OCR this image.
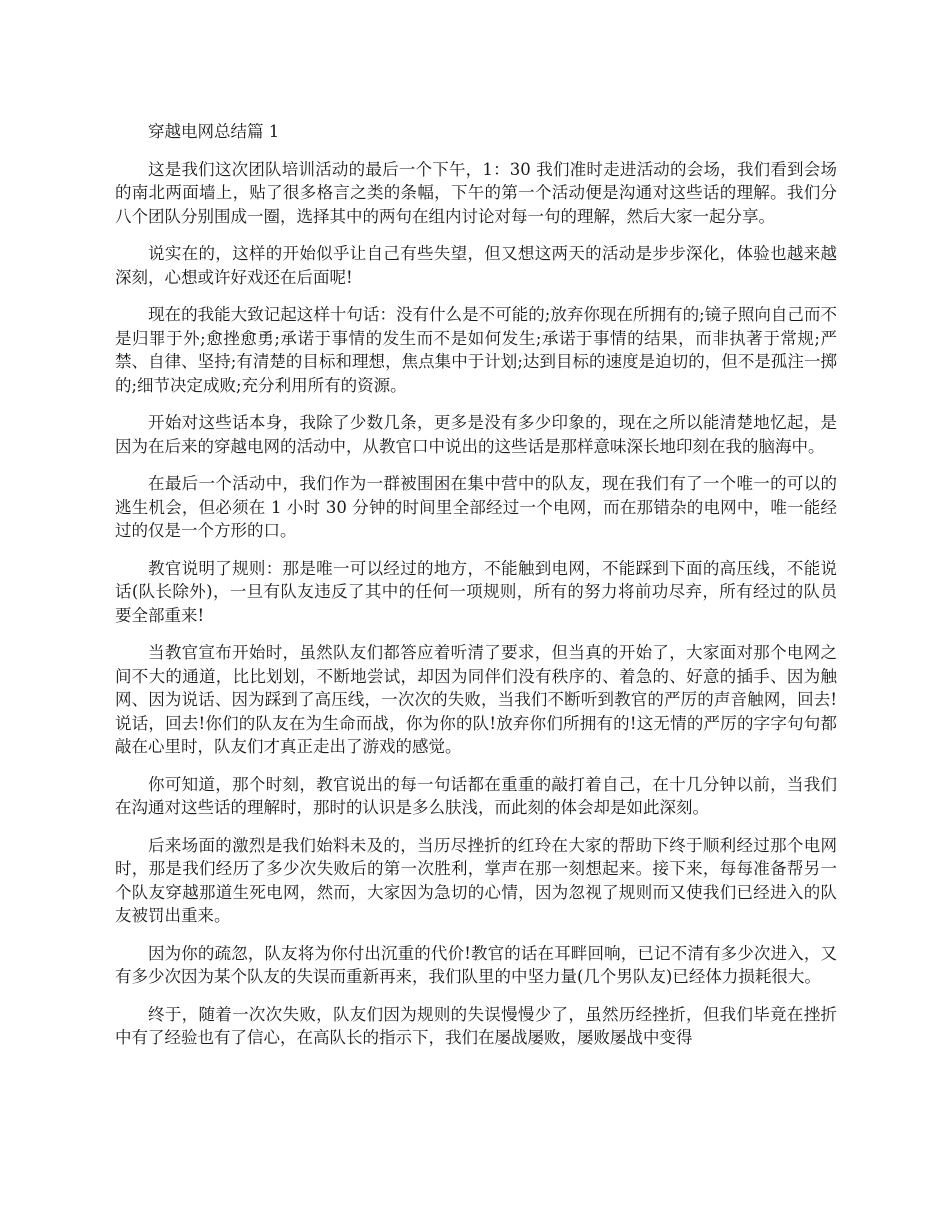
穿越电网总结篇 1

这是我们这次团队培训活动的最后一个下午，1：30 我们准时走进活动的会场，我们看到会场的南北两面墙上，贴了很多格言之类的条幅，下午的第一个活动便是沟通对这些话的理解。我们分八个团队分别围成一圈，选择其中的两句在组内讨论对每一句的理解，然后大家一起分享。

说实在的，这样的开始似乎让自己有些失望，但又想这两天的活动是步步深化，体验也越来越深刻，心想或许好戏还在后面呢!

现在的我能大致记起这样十句话：没有什么是不可能的;放弃你现在所拥有的;镜子照向自己而不是归罪于外;愈挫愈勇;承诺于事情的发生而不是如何发生;承诺于事情的结果，而非执著于常规;严禁、自律、坚持;有清楚的目标和理想，焦点集中于计划;达到目标的速度是迫切的，但不是孤注一掷的;细节决定成败;充分利用所有的资源。

开始对这些话本身，我除了少数几条，更多是没有多少印象的，现在之所以能清楚地忆起，是因为在后来的穿越电网的活动中，从教官口中说出的这些话是那样意味深长地印刻在我的脑海中。

在最后一个活动中，我们作为一群被围困在集中营中的队友，现在我们有了一个唯一的可以的逃生机会，但必须在 1 小时 30 分钟的时间里全部经过一个电网，而在那错杂的电网中，唯一能经过的仅是一个方形的口。

教官说明了规则：那是唯一可以经过的地方，不能触到电网，不能踩到下面的高压线，不能说话(队长除外)，一旦有队友违反了其中的任何一项规则，所有的努力将前功尽弃，所有经过的队员要全部重来!

当教官宣布开始时，虽然队友们都答应着听清了要求，但当真的开始了，大家面对那个电网之间不大的通道，比比划划，不断地尝试，却因为同伴们没有秩序的、着急的、好意的插手、因为触网、因为说话、因为踩到了高压线，一次次的失败，当我们不断听到教官的严厉的声音触网，回去!说话，回去!你们的队友在为生命而战，你为你的队!放弃你们所拥有的!这无情的严厉的字字句句都敲在心里时，队友们才真正走出了游戏的感觉。

你可知道，那个时刻，教官说出的每一句话都在重重的敲打着自己，在十几分钟以前，当我们在沟通对这些话的理解时，那时的认识是多么肤浅，而此刻的体会却是如此深刻。

后来场面的激烈是我们始料未及的，当历尽挫折的红玲在大家的帮助下终于顺利经过那个电网时，那是我们经历了多少次失败后的第一次胜利，掌声在那一刻想起来。接下来，每每准备帮另一个队友穿越那道生死电网，然而，大家因为急切的心情，因为忽视了规则而又使我们已经进入的队友被罚出重来。

因为你的疏忽，队友将为你付出沉重的代价!教官的话在耳畔回响，已记不清有多少次进入，又有多少次因为某个队友的失误而重新再来，我们队里的中坚力量(几个男队友)已经体力损耗很大。

终于，随着一次次失败，队友们因为规则的失误慢慢少了，虽然历经挫折，但我们毕竟在挫折中有了经验也有了信心，在高队长的指示下，我们在屡战屡败，屡败屡战中变得
